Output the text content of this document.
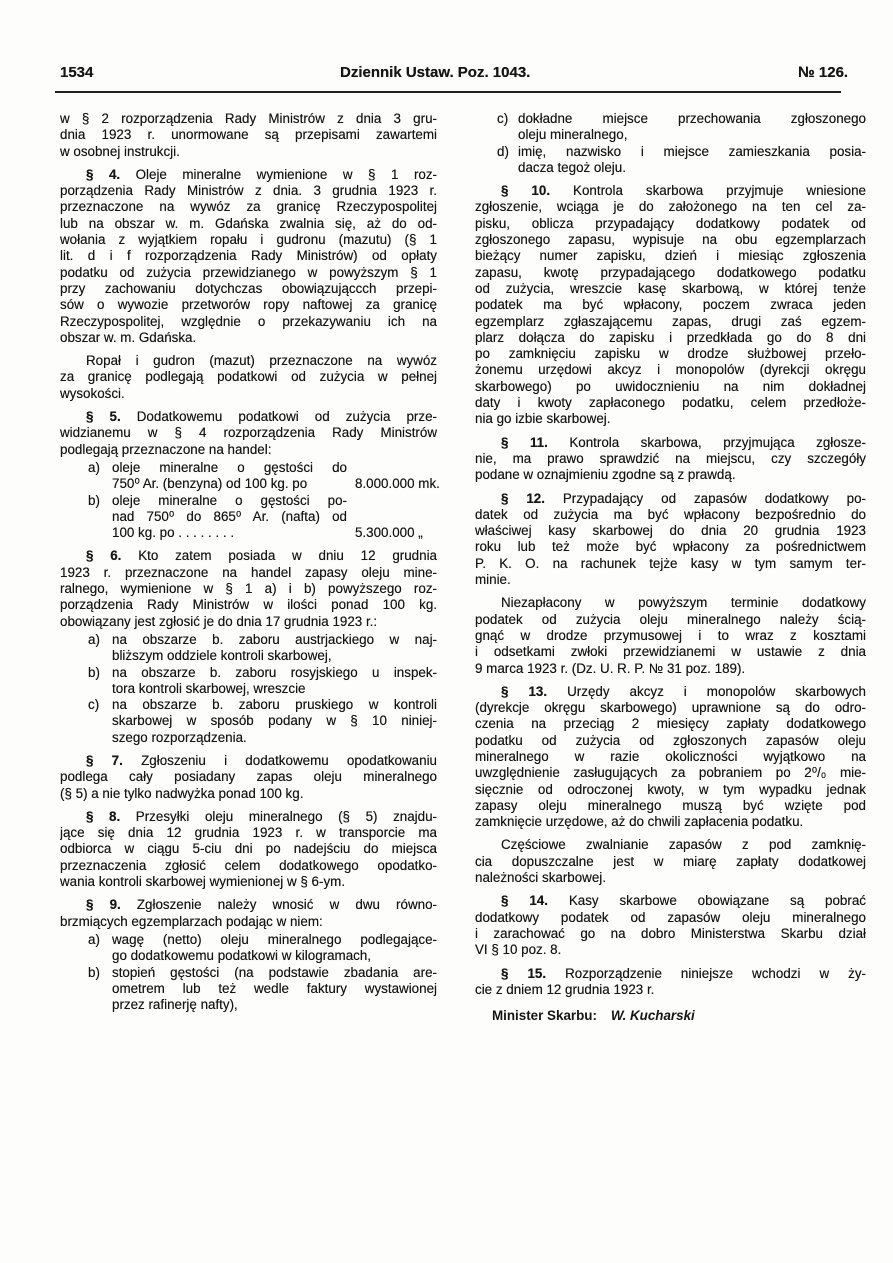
1534	Dziennik Ustaw. Poz. 1043.	№ 126.
w § 2 rozporządzenia Rady Ministrów z dnia 3 gru-
dnia 1923 r. unormowane są przepisami zawartemi
w osobnej instrukcji.
§ 4. Oleje mineralne wymienione w § 1 roz-
porządzenia Rady Ministrów z dnia. 3 grudnia 1923 r.
przeznaczone na wywóz za granicę Rzeczypospolitej
lub na obszar w. m. Gdańska zwalnia się, aż do od-
wołania z wyjątkiem ropału i gudronu (mazutu) (§ 1
lit. d i f rozporządzenia Rady Ministrów) od opłaty
podatku od zużycia przewidzianego w powyższym § 1
przy zachowaniu dotychczas obowiązująccch przepi-
sów o wywozie przetworów ropy naftowej za granicę
Rzeczypospolitej, względnie o przekazywaniu ich na
obszar w. m. Gdańska.
Ropał i gudron (mazut) przeznaczone na wywóz
za granicę podlegają podatkowi od zużycia w pełnej
wysokości.
§ 5. Dodatkowemu podatkowi od zużycia prze-
widzianemu w § 4 rozporządzenia Rady Ministrów
podlegają przeznaczone na handel:
a) oleje mineralne o gęstości do
750⁰ Ar. (benzyna) od 100 kg. po	8.000.000 mk.
b) oleje mineralne o gęstości po-
nad 750⁰ do 865⁰ Ar. (nafta) od
100 kg. po . . . . . . . .	5.300.000 „
§ 6. Kto zatem posiada w dniu 12 grudnia
1923 r. przeznaczone na handel zapasy oleju mine-
ralnego, wymienione w § 1 a) i b) powyższego roz-
porządzenia Rady Ministrów w ilości ponad 100 kg.
obowiązany jest zgłosić je do dnia 17 grudnia 1923 r.:
a) na obszarze b. zaboru austrjackiego w naj-
bliższym oddziele kontroli skarbowej,
b) na obszarze b. zaboru rosyjskiego u inspek-
tora kontroli skarbowej, wreszcie
c) na obszarze b. zaboru pruskiego w kontroli
skarbowej w sposób podany w § 10 niniej-
szego rozporządzenia.
§ 7. Zgłoszeniu i dodatkowemu opodatkowaniu
podlega cały posiadany zapas oleju mineralnego
(§ 5) a nie tylko nadwyżka ponad 100 kg.
§ 8. Przesyłki oleju mineralnego (§ 5) znajdu-
jące się dnia 12 grudnia 1923 r. w transporcie ma
odbiorca w ciągu 5-ciu dni po nadejściu do miejsca
przeznaczenia zgłosić celem dodatkowego opodatko-
wania kontroli skarbowej wymienionej w § 6-ym.
§ 9. Zgłoszenie należy wnosić w dwu równo-
brzmiących egzemplarzach podając w niem:
a) wagę (netto) oleju mineralnego podlegające-
go dodatkowemu podatkowi w kilogramach,
b) stopień gęstości (na podstawie zbadania are-
ometrem lub też wedle faktury wystawionej
przez rafinerję nafty),
c) dokładne miejsce przechowania zgłoszonego
oleju mineralnego,
d) imię, nazwisko i miejsce zamieszkania posia-
dacza tegoż oleju.
§ 10. Kontrola skarbowa przyjmuje wniesione
zgłoszenie, wciąga je do założonego na ten cel za-
pisku, oblicza przypadający dodatkowy podatek od
zgłoszonego zapasu, wypisuje na obu egzemplarzach
bieżący numer zapisku, dzień i miesiąc zgłoszenia
zapasu, kwotę przypadającego dodatkowego podatku
od zużycia, wreszcie kasę skarbową, w której tenże
podatek ma być wpłacony, poczem zwraca jeden
egzemplarz zgłaszającemu zapas, drugi zaś egzem-
plarz dołącza do zapisku i przedkłada go do 8 dni
po zamknięciu zapisku w drodze służbowej przeło-
żonemu urzędowi akcyz i monopolów (dyrekcji okręgu
skarbowego) po uwidocznieniu na nim dokładnej
daty i kwoty zapłaconego podatku, celem przedłoże-
nia go izbie skarbowej.
§ 11. Kontrola skarbowa, przyjmująca zgłosze-
nie, ma prawo sprawdzić na miejscu, czy szczegóły
podane w oznajmieniu zgodne są z prawdą.
§ 12. Przypadający od zapasów dodatkowy po-
datek od zużycia ma być wpłacony bezpośrednio do
właściwej kasy skarbowej do dnia 20 grudnia 1923
roku lub też może być wpłacony za pośrednictwem
P. K. O. na rachunek tejże kasy w tym samym ter-
minie.
Niezapłacony w powyższym terminie dodatkowy
podatek od zużycia oleju mineralnego należy ścią-
gnąć w drodze przymusowej i to wraz z kosztami
i odsetkami zwłoki przewidzianemi w ustawie z dnia
9 marca 1923 r. (Dz. U. R. P. № 31 poz. 189).
§ 13. Urzędy akcyz i monopolów skarbowych
(dyrekcje okręgu skarbowego) uprawnione są do odro-
czenia na przeciąg 2 miesięcy zapłaty dodatkowego
podatku od zużycia od zgłoszonych zapasów oleju
mineralnego w razie okoliczności wyjątkowo na
uwzględnienie zasługujących za pobraniem po 2⁰/₀ mie-
sięcznie od odroczonej kwoty, w tym wypadku jednak
zapasy oleju mineralnego muszą być wzięte pod
zamknięcie urzędowe, aż do chwili zapłacenia podatku.
Częściowe zwalnianie zapasów z pod zamknię-
cia dopuszczalne jest w miarę zapłaty dodatkowej
należności skarbowej.
§ 14. Kasy skarbowe obowiązane są pobrać
dodatkowy podatek od zapasów oleju mineralnego
i zarachować go na dobro Ministerstwa Skarbu dział
VI § 10 poz. 8.
§ 15. Rozporządzenie niniejsze wchodzi w ży-
cie z dniem 12 grudnia 1923 r.
Minister Skarbu: W. Kucharski
